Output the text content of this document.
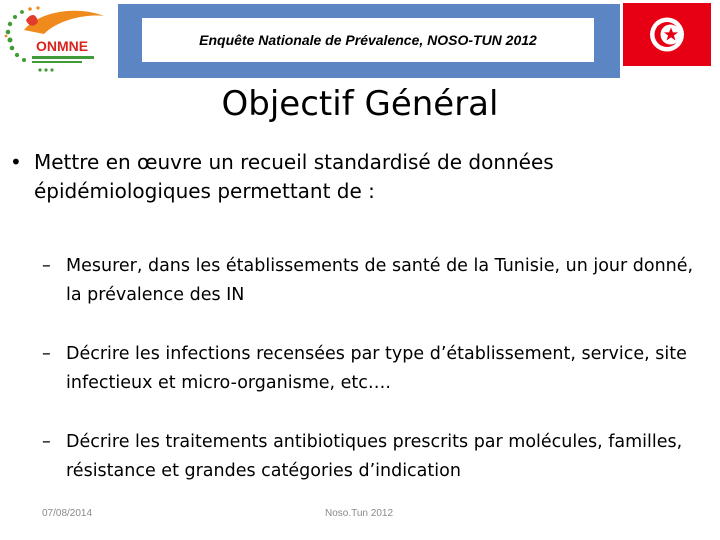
ONMNE	Enquête Nationale de Prévalence, NOSO-TUN 2012
Objectif Général
• Mettre en œuvre un recueil standardisé de données épidémiologiques permettant de :
– Mesurer, dans les établissements de santé de la Tunisie, un jour donné, la prévalence des IN
– Décrire les infections recensées par type d’établissement, service, site infectieux et micro-organisme, etc….
– Décrire les traitements antibiotiques prescrits par molécules, familles, résistance et grandes catégories d’indication
07/08/2014	Noso.Tun 2012
